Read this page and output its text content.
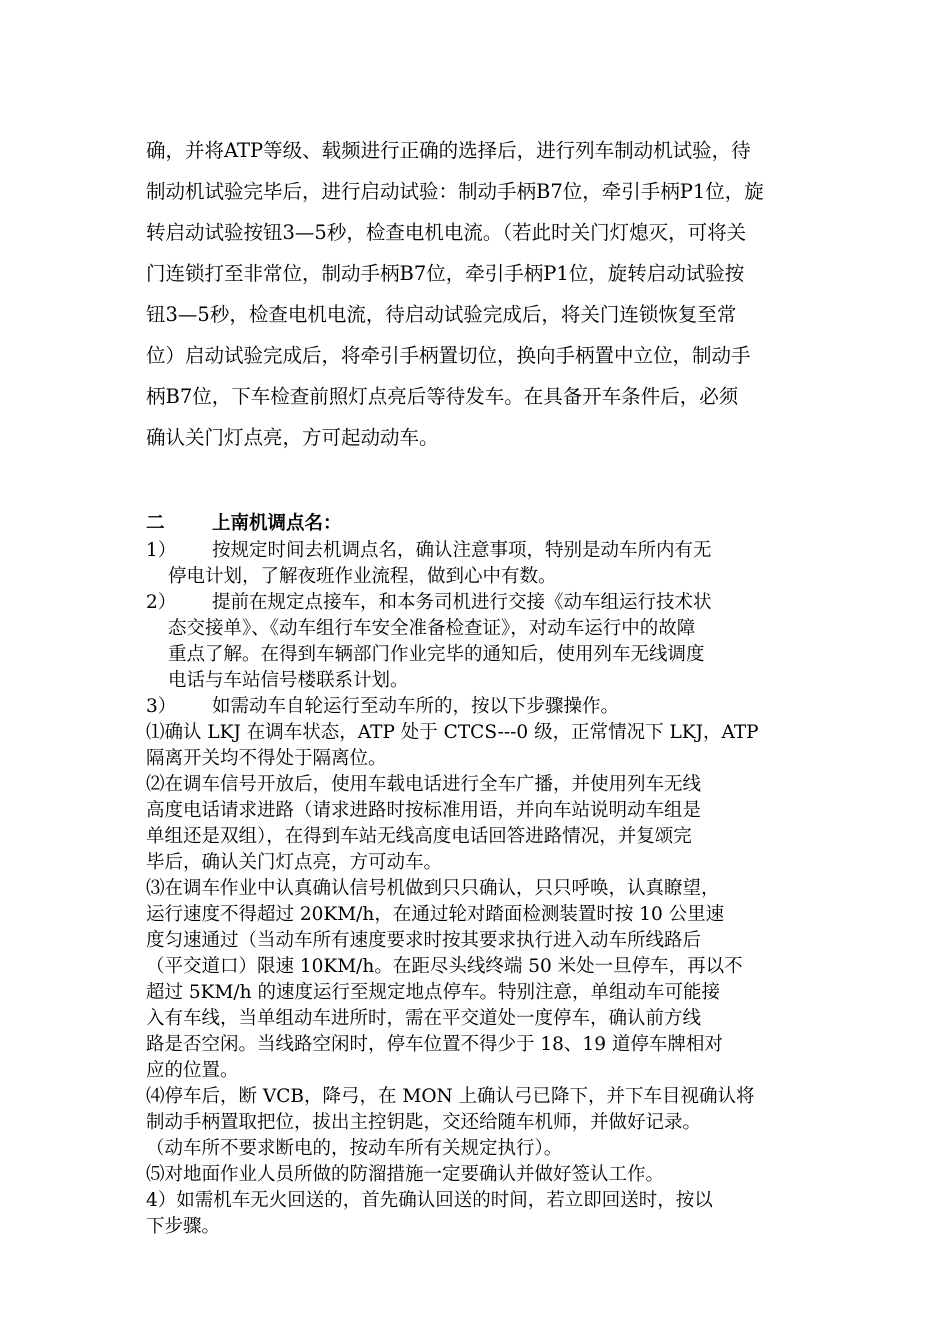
确，并将ATP等级、载频进行正确的选择后，进行列车制动机试验，待
制动机试验完毕后，进行启动试验：制动手柄B7位，牵引手柄P1位，旋
转启动试验按钮3—5秒，检查电机电流。（若此时关门灯熄灭，可将关
门连锁打至非常位，制动手柄B7位，牵引手柄P1位，旋转启动试验按
钮3—5秒，检查电机电流，待启动试验完成后，将关门连锁恢复至常
位）启动试验完成后，将牵引手柄置切位，换向手柄置中立位，制动手
柄B7位，下车检查前照灯点亮后等待发车。在具备开车条件后，必须
确认关门灯点亮，方可起动动车。
二	上南机调点名：
1） 按规定时间去机调点名，确认注意事项，特别是动车所内有无
停电计划，了解夜班作业流程，做到心中有数。
2） 提前在规定点接车，和本务司机进行交接《动车组运行技术状
态交接单》、《动车组行车安全准备检查证》，对动车运行中的故障
重点了解。在得到车辆部门作业完毕的通知后，使用列车无线调度
电话与车站信号楼联系计划。
3） 如需动车自轮运行至动车所的，按以下步骤操作。
⑴确认 LKJ 在调车状态，ATP 处于 CTCS---0 级，正常情况下 LKJ，ATP
隔离开关均不得处于隔离位。
⑵在调车信号开放后，使用车载电话进行全车广播，并使用列车无线
高度电话请求进路（请求进路时按标准用语，并向车站说明动车组是
单组还是双组），在得到车站无线高度电话回答进路情况，并复颂完
毕后，确认关门灯点亮，方可动车。
⑶在调车作业中认真确认信号机做到只只确认，只只呼唤，认真瞭望，
运行速度不得超过 20KM/h，在通过轮对踏面检测装置时按 10 公里速
度匀速通过（当动车所有速度要求时按其要求执行进入动车所线路后
（平交道口）限速 10KM/h。在距尽头线终端 50 米处一旦停车，再以不
超过 5KM/h 的速度运行至规定地点停车。特别注意，单组动车可能接
入有车线，当单组动车进所时，需在平交道处一度停车，确认前方线
路是否空闲。当线路空闲时，停车位置不得少于 18、19 道停车牌相对
应的位置。
⑷停车后，断 VCB，降弓，在 MON 上确认弓已降下，并下车目视确认将
制动手柄置取把位，拔出主控钥匙，交还给随车机师，并做好记录。
（动车所不要求断电的，按动车所有关规定执行）。
⑸对地面作业人员所做的防溜措施一定要确认并做好签认工作。
4）如需机车无火回送的，首先确认回送的时间，若立即回送时，按以
下步骤。
